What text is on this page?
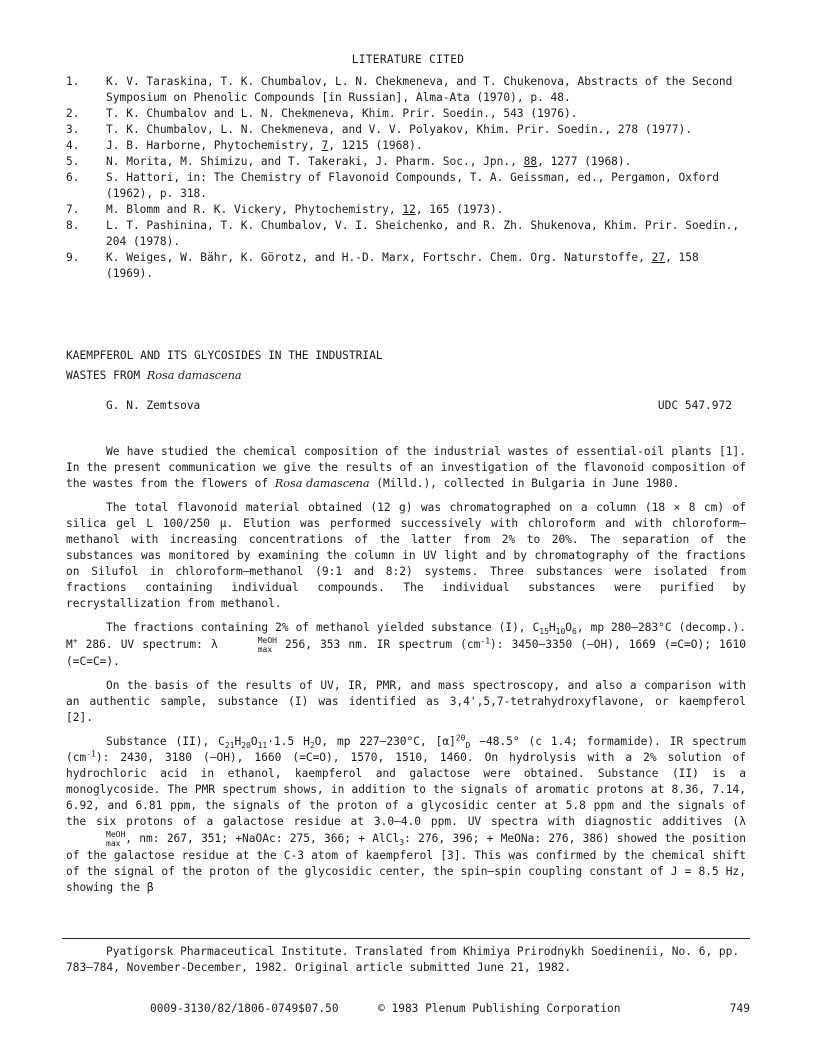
LITERATURE CITED
1.	K. V. Taraskina, T. K. Chumbalov, L. N. Chekmeneva, and T. Chukenova, Abstracts of the Second Symposium on Phenolic Compounds [in Russian], Alma-Ata (1970), p. 48.
2.	T. K. Chumbalov and L. N. Chekmeneva, Khim. Prir. Soedin., 543 (1976).
3.	T. K. Chumbalov, L. N. Chekmeneva, and V. V. Polyakov, Khim. Prir. Soedin., 278 (1977).
4.	J. B. Harborne, Phytochemistry, 7, 1215 (1968).
5.	N. Morita, M. Shimizu, and T. Takeraki, J. Pharm. Soc., Jpn., 88, 1277 (1968).
6.	S. Hattori, in: The Chemistry of Flavonoid Compounds, T. A. Geissman, ed., Pergamon, Oxford (1962), p. 318.
7.	M. Blomm and R. K. Vickery, Phytochemistry, 12, 165 (1973).
8.	L. T. Pashinina, T. K. Chumbalov, V. I. Sheichenko, and R. Zh. Shukenova, Khim. Prir. Soedin., 204 (1978).
9.	K. Weiges, W. Bähr, K. Görotz, and H.-D. Marx, Fortschr. Chem. Org. Naturstoffe, 27, 158 (1969).
KAEMPFEROL AND ITS GLYCOSIDES IN THE INDUSTRIAL
WASTES FROM Rosa damascena
G. N. Zemtsova	UDC 547.972

We have studied the chemical composition of the industrial wastes of essential-oil plants [1]. In the present communication we give the results of an investigation of the flavonoid composition of the wastes from the flowers of Rosa damascena (Milld.), collected in Bulgaria in June 1980.

The total flavonoid material obtained (12 g) was chromatographed on a column (18 × 8 cm) of silica gel L 100/250 μ. Elution was performed successively with chloroform and with chloroform–methanol with increasing concentrations of the latter from 2% to 20%. The separation of the substances was monitored by examining the column in UV light and by chromatography of the fractions on Silufol in chloroform–methanol (9:1 and 8:2) systems. Three substances were isolated from fractions containing individual compounds. The individual substances were purified by recrystallization from methanol.

The fractions containing 2% of methanol yielded substance (I), $C_{15}H_{10}O_6$, mp 280–283°C (decomp.). M+ 286. UV spectrum: λ	MeOH
max 256, 353 nm. IR spectrum $(cm^{-1})$: 3450–3350 (—OH), 1669 (=C=O); 1610 (=C=C=).

On the basis of the results of UV, IR, PMR, and mass spectroscopy, and also a comparison with an authentic sample, substance (I) was identified as 3,4',5,7-tetrahydroxyflavone, or kaempferol [2].

Substance (II), $C_{21}H_{20}O_{11}\cdot 1.5$ $H_2O$, mp 227–230°C, $[\alpha]^{20}_D -48.5^\circ$ (c 1.4; formamide). IR spectrum $(cm^{-1})$: 2430, 3180 (—OH), 1660 (=C=O), 1570, 1510, 1460. On hydrolysis with a 2% solution of hydrochloric acid in ethanol, kaempferol and galactose were obtained. Substance (II) is a monoglycoside. The PMR spectrum shows, in addition to the signals of aromatic protons at 8.36, 7.14, 6.92, and 6.81 ppm, the signals of the proton of a glycosidic center at 5.8 ppm and the signals of the six protons of a galactose residue at 3.0–4.0 ppm. UV spectra with diagnostic additives (λ
MeOH
max , nm: 267, 351; +NaOAc: 275, 366; + AlCl$_3$: 276, 396; + MeONa: 276, 386) showed the position of the galactose residue at the C-3 atom of kaempferol [3]. This was confirmed by the chemical shift of the signal of the proton of the glycosidic center, the spin–spin coupling constant of J = 8.5 Hz, showing the β

Pyatigorsk Pharmaceutical Institute. Translated from Khimiya Prirodnykh Soedinenii, No. 6, pp. 783–784, November-December, 1982. Original article submitted June 21, 1982.

0009-3130/82/1806-0749$07.50	© 1983 Plenum Publishing Corporation	749
